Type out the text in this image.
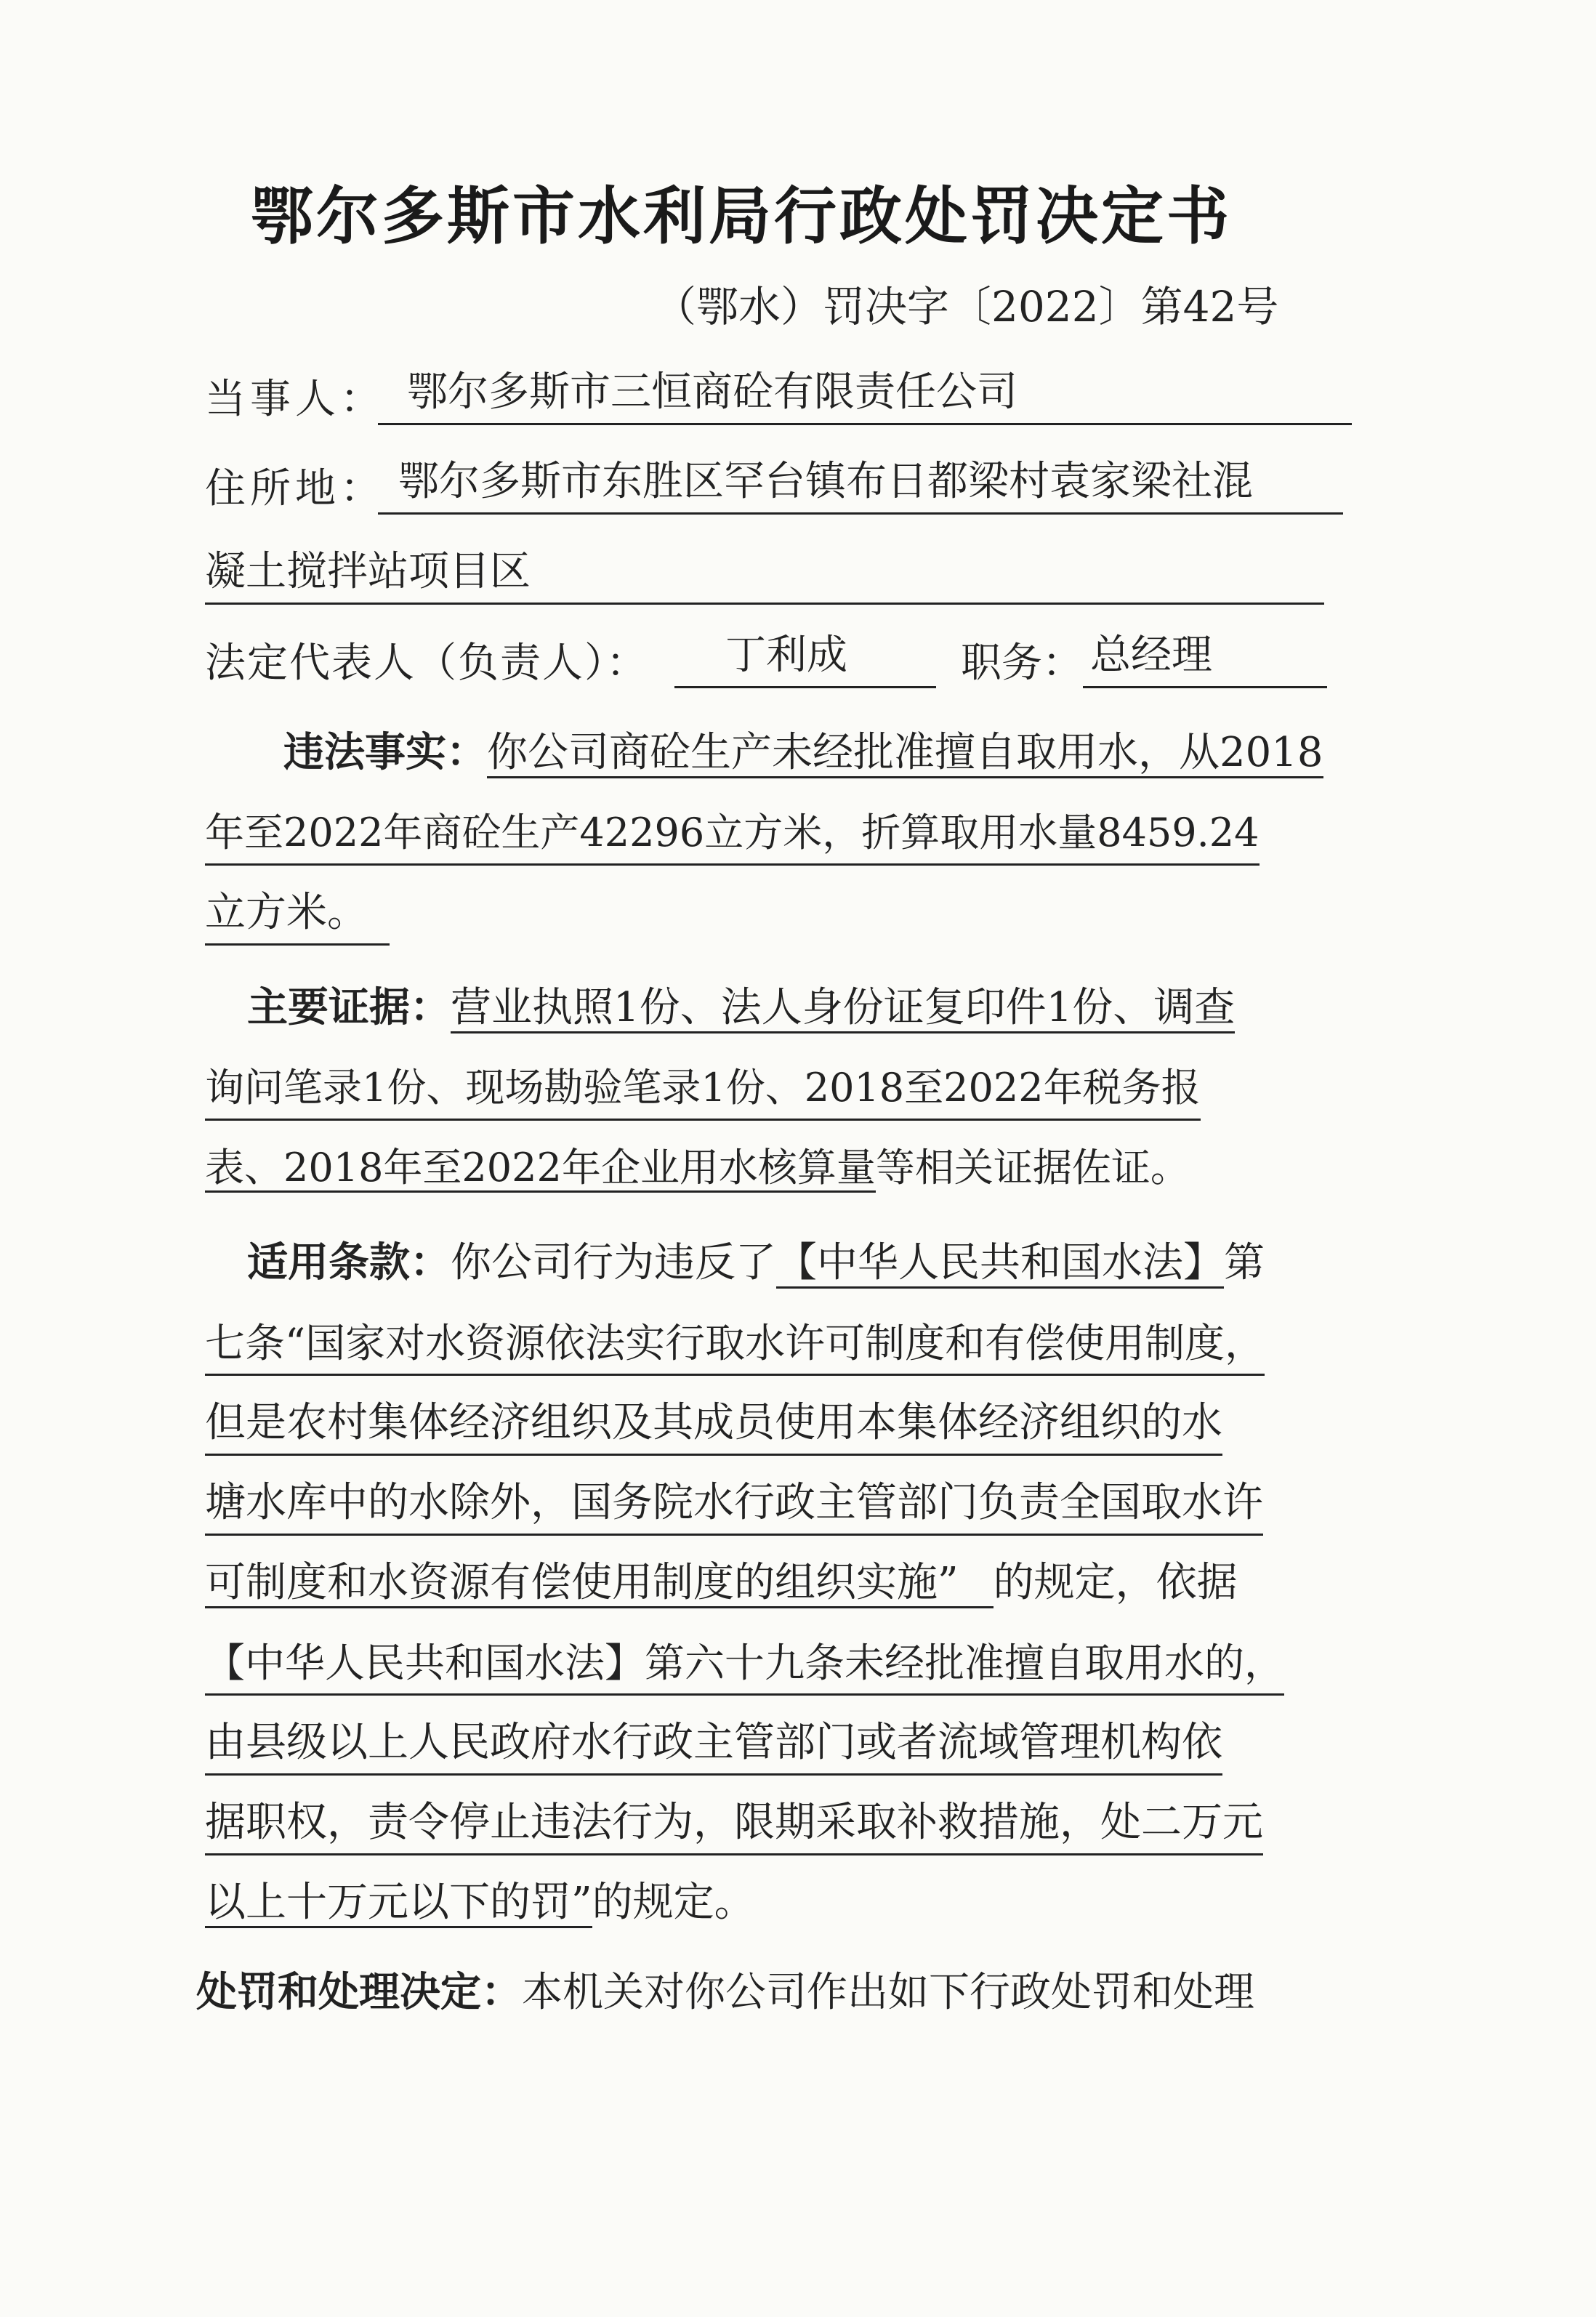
鄂尔多斯市水利局行政处罚决定书
（鄂水）罚决字〔2022〕第42号
当事人： 鄂尔多斯市三恒商砼有限责任公司
住所地： 鄂尔多斯市东胜区罕台镇布日都梁村袁家梁社混
凝土搅拌站项目区
法定代表人（负责人）：	丁利成	职务： 总经理
违法事实：你公司商砼生产未经批准擅自取用水，从2018
年至2022年商砼生产42296立方米，折算取用水量8459.24
立方米。
主要证据：营业执照1份、法人身份证复印件1份、调查
询问笔录1份、现场勘验笔录1份、2018至2022年税务报
表、2018年至2022年企业用水核算量等相关证据佐证。
适用条款：你公司行为违反了【中华人民共和国水法】第
七条“国家对水资源依法实行取水许可制度和有偿使用制度，
但是农村集体经济组织及其成员使用本集体经济组织的水
塘水库中的水除外，国务院水行政主管部门负责全国取水许
可制度和水资源有偿使用制度的组织实施” 的规定，依据
【中华人民共和国水法】第六十九条未经批准擅自取用水的，
由县级以上人民政府水行政主管部门或者流域管理机构依
据职权，责令停止违法行为，限期采取补救措施，处二万元
以上十万元以下的罚”的规定。
处罚和处理决定：本机关对你公司作出如下行政处罚和处理
